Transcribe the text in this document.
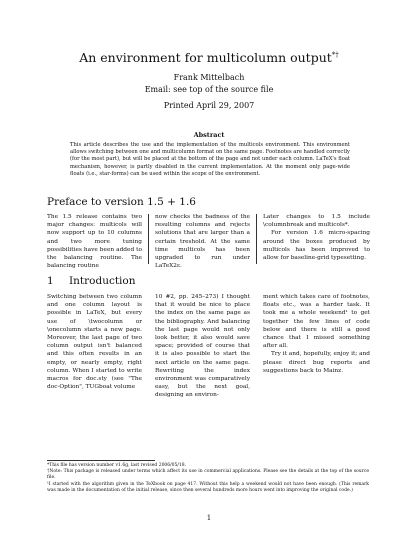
An environment for multicolumn output*†
Frank Mittelbach
Email: see top of the source file
Printed April 29, 2007
Abstract
This article describes the use and the implementation of the multicols environment. This environment allows switching between one and multicolumn format on the same page. Footnotes are handled correctly (for the most part), but will be placed at the bottom of the page and not under each column. LaTeX's float mechanism, however, is partly disabled in the current implementation. At the moment only page-wide floats (i.e., star-forms) can be used within the scope of the environment.
Preface to version 1.5 + 1.6
The 1.5 release contains two major changes: multicols will now support up to 10 columns and two more tuning possibilities have been added to the balancing routine. The balancing routine
now checks the badness of the resulting columns and rejects solutions that are larger than a certain treshold. At the same time multicols has been upgraded to run under LaTeX2ε.

Later changes to 1.5 include \columnbreak and multicols*.

For version 1.6 micro-spacing around the boxes produced by multicols has been improved to allow for baseline-grid typesetting.

1 Introduction
Switching between two column and one column layout is possible in LaTeX, but every use of \twocolumn or \onecolumn starts a new page. Moreover, the last page of two column output isn't balanced and this often results in an empty, or nearly empty, right column. When I started to write macros for doc.sty (see "The doc-Option", TUGboat volume
10 #2, pp. 245–273) I thought that it would be nice to place the index on the same page as the bibliography. And balancing the last page would not only look better, it also would save space; provided of course that it is also possible to start the next article on the same page. Rewriting the index environment was comparatively easy, but the next goal, designing an environ-

ment which takes care of footnotes, floats etc., was a harder task. It took me a whole weekend¹ to get together the few lines of code below and there is still a good chance that I missed something after all.

Try it and, hopefully, enjoy it; and please direct bug reports and suggestions back to Mainz.

*This file has version number v1.6g, last revised 2006/05/18.

†Note: This package is released under terms which affect its use in commercial applications. Please see the details at the top of the source file.

¹I started with the algorithm given in the TeXbook on page 417. Without this help a weekend would not have been enough. (This remark was made in the documentation of the initial release, since then several hundreds more hours went into improving the original code.)

1
